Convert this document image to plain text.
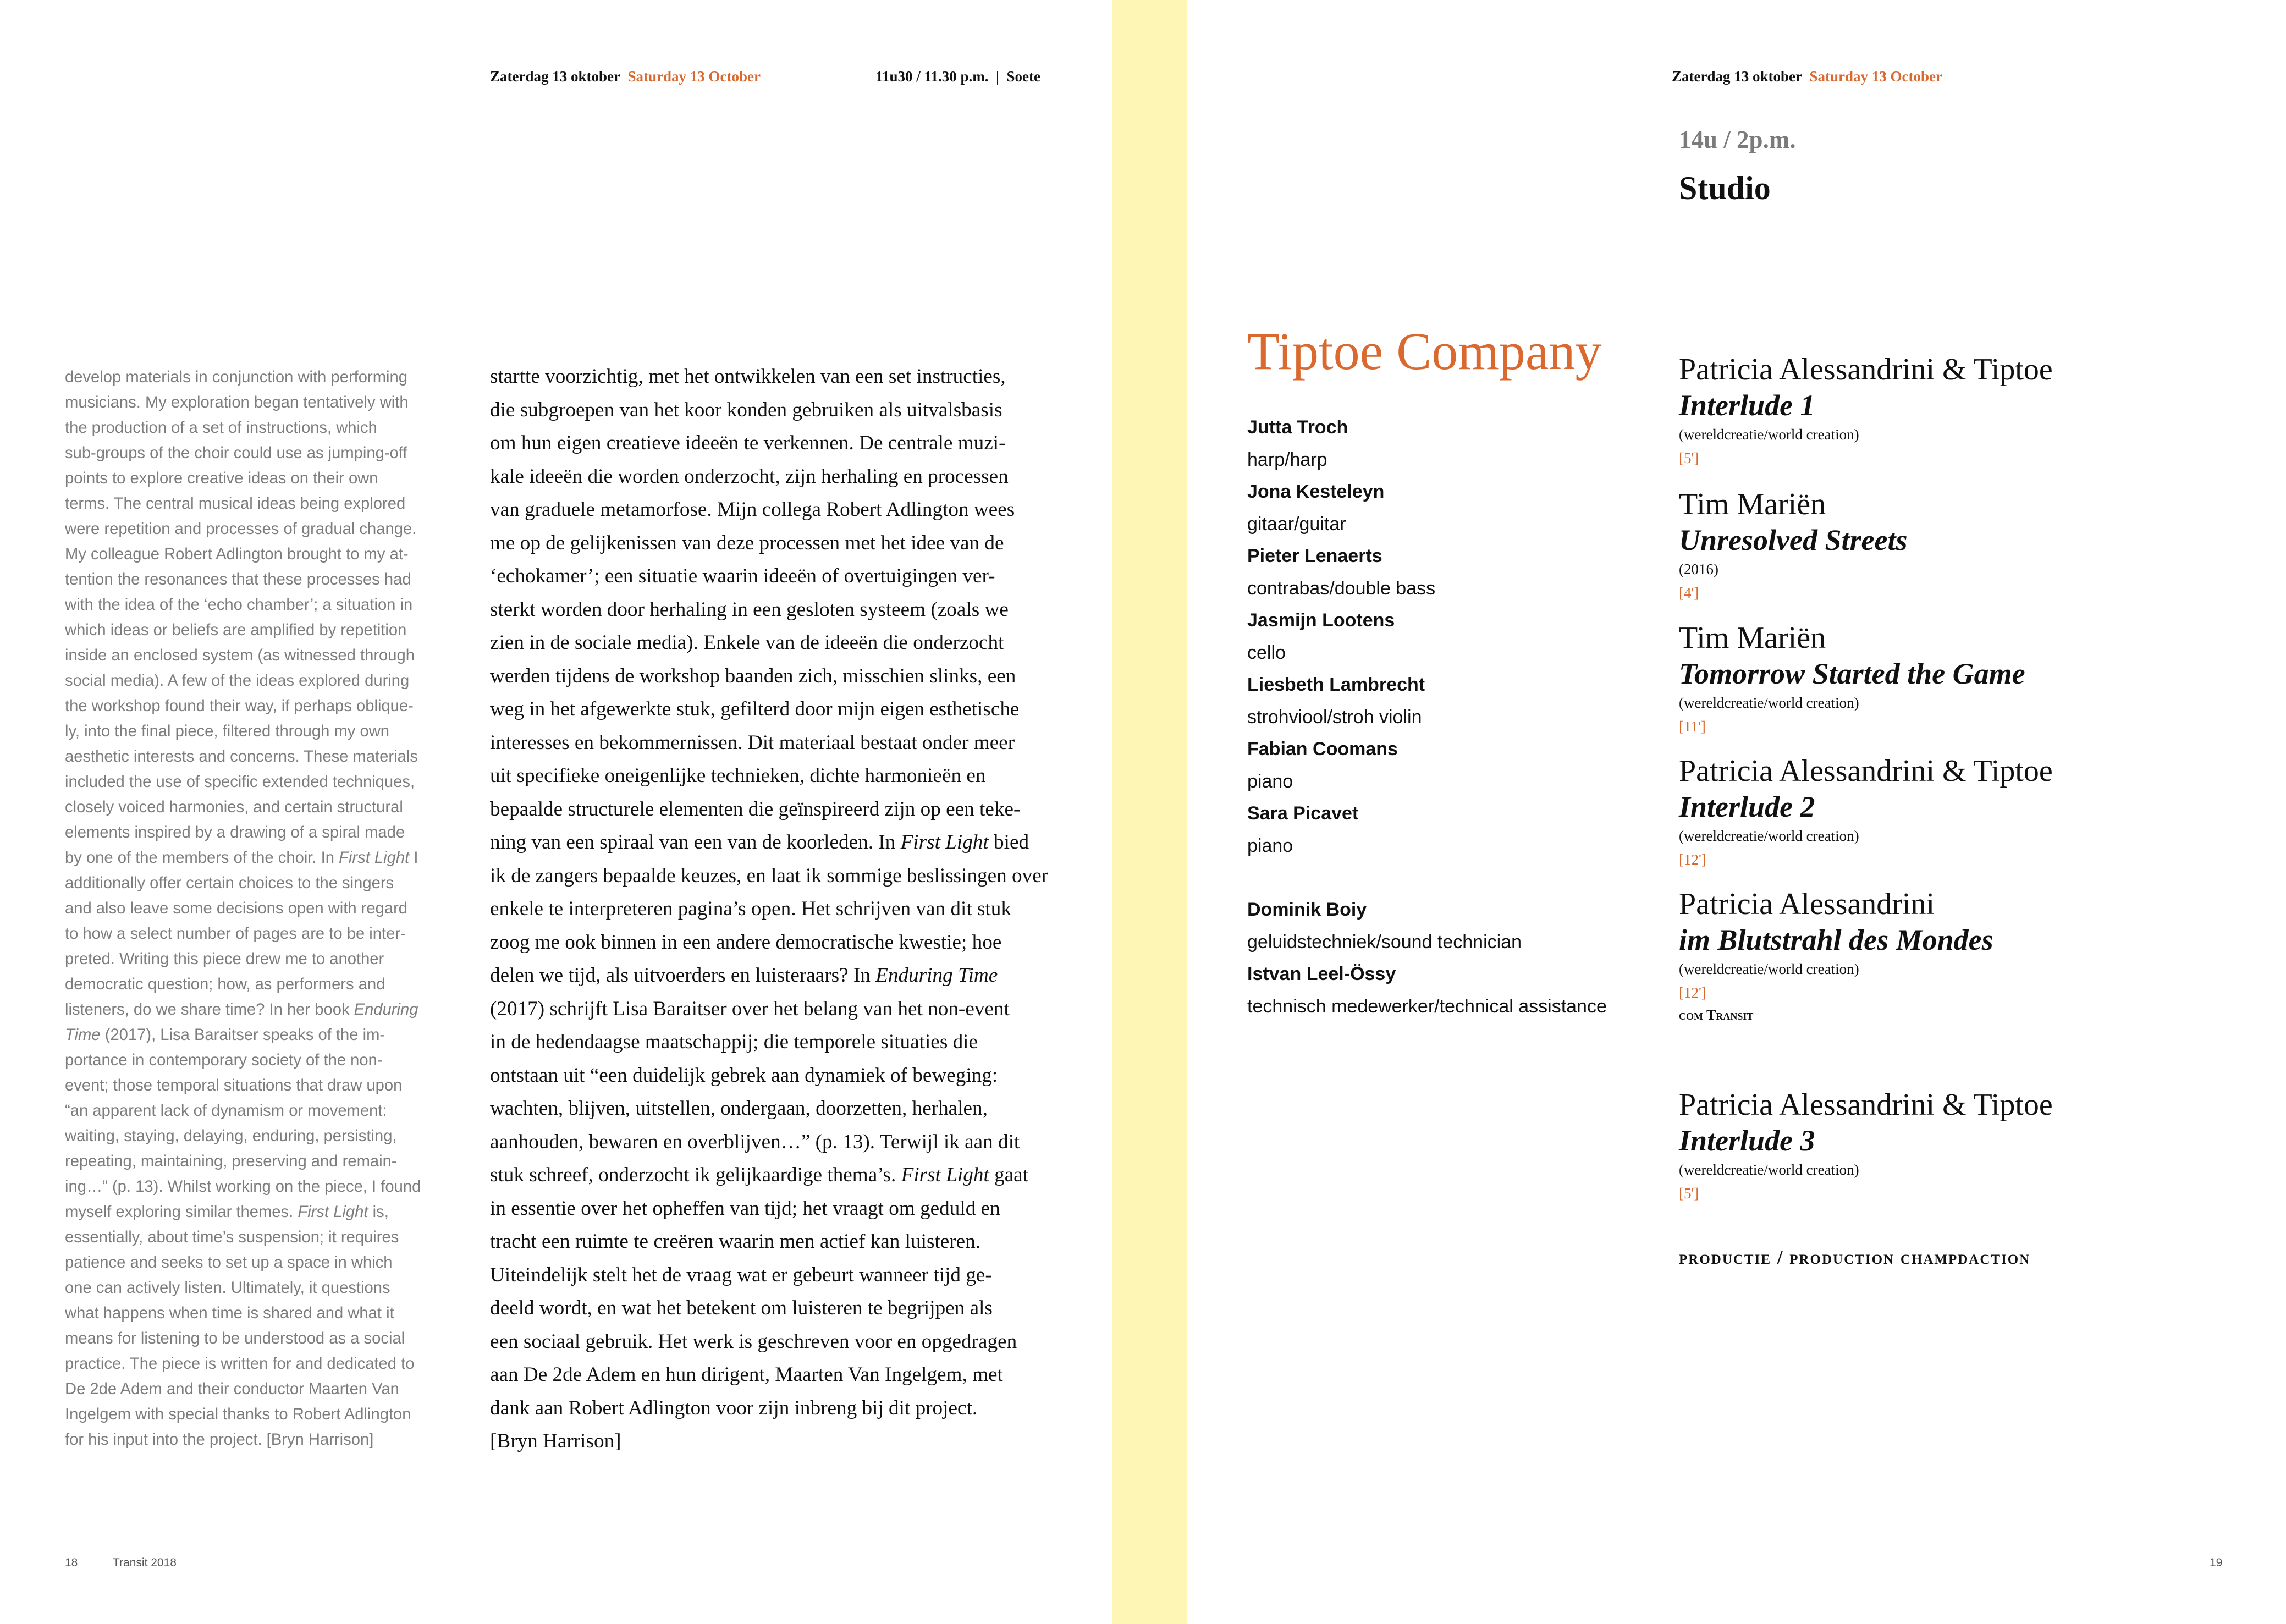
Zaterdag 13 oktober Saturday 13 October	11u30 / 11.30 p.m. | Soete
develop materials in conjunction with performing
musicians. My exploration began tentatively with
the production of a set of instructions, which
sub-groups of the choir could use as jumping-off
points to explore creative ideas on their own
terms. The central musical ideas being explored
were repetition and processes of gradual change.
My colleague Robert Adlington brought to my at-
tention the resonances that these processes had
with the idea of the ‘echo chamber’; a situation in
which ideas or beliefs are amplified by repetition
inside an enclosed system (as witnessed through
social media). A few of the ideas explored during
the workshop found their way, if perhaps oblique-
ly, into the final piece, filtered through my own
aesthetic interests and concerns. These materials
included the use of specific extended techniques,
closely voiced harmonies, and certain structural
elements inspired by a drawing of a spiral made
by one of the members of the choir. In First Light I
additionally offer certain choices to the singers
and also leave some decisions open with regard
to how a select number of pages are to be inter-
preted. Writing this piece drew me to another
democratic question; how, as performers and
listeners, do we share time? In her book Enduring
Time (2017), Lisa Baraitser speaks of the im-
portance in contemporary society of the non-
event; those temporal situations that draw upon
“an apparent lack of dynamism or movement:
waiting, staying, delaying, enduring, persisting,
repeating, maintaining, preserving and remain-
ing…” (p. 13). Whilst working on the piece, I found
myself exploring similar themes. First Light is,
essentially, about time’s suspension; it requires
patience and seeks to set up a space in which
one can actively listen. Ultimately, it questions
what happens when time is shared and what it
means for listening to be understood as a social
practice. The piece is written for and dedicated to
De 2de Adem and their conductor Maarten Van
Ingelgem with special thanks to Robert Adlington
for his input into the project. [Bryn Harrison]
startte voorzichtig, met het ontwikkelen van een set instructies,
die subgroepen van het koor konden gebruiken als uitvalsbasis
om hun eigen creatieve ideeën te verkennen. De centrale muzi-
kale ideeën die worden onderzocht, zijn herhaling en processen
van graduele metamorfose. Mijn collega Robert Adlington wees
me op de gelijkenissen van deze processen met het idee van de
‘echokamer’; een situatie waarin ideeën of overtuigingen ver-
sterkt worden door herhaling in een gesloten systeem (zoals we
zien in de sociale media). Enkele van de ideeën die onderzocht
werden tijdens de workshop baanden zich, misschien slinks, een
weg in het afgewerkte stuk, gefilterd door mijn eigen esthetische
interesses en bekommernissen. Dit materiaal bestaat onder meer
uit specifieke oneigenlijke technieken, dichte harmonieën en
bepaalde structurele elementen die geïnspireerd zijn op een teke-
ning van een spiraal van een van de koorleden. In First Light bied
ik de zangers bepaalde keuzes, en laat ik sommige beslissingen over
enkele te interpreteren pagina’s open. Het schrijven van dit stuk
zoog me ook binnen in een andere democratische kwestie; hoe
delen we tijd, als uitvoerders en luisteraars? In Enduring Time
(2017) schrijft Lisa Baraitser over het belang van het non-event
in de hedendaagse maatschappij; die temporele situaties die
ontstaan uit “een duidelijk gebrek aan dynamiek of beweging:
wachten, blijven, uitstellen, ondergaan, doorzetten, herhalen,
aanhouden, bewaren en overblijven…” (p. 13). Terwijl ik aan dit
stuk schreef, onderzocht ik gelijkaardige thema’s. First Light gaat
in essentie over het opheffen van tijd; het vraagt om geduld en
tracht een ruimte te creëren waarin men actief kan luisteren.
Uiteindelijk stelt het de vraag wat er gebeurt wanneer tijd ge-
deeld wordt, en wat het betekent om luisteren te begrijpen als
een sociaal gebruik. Het werk is geschreven voor en opgedragen
aan De 2de Adem en hun dirigent, Maarten Van Ingelgem, met
dank aan Robert Adlington voor zijn inbreng bij dit project.
[Bryn Harrison]
18	Transit 2018
Zaterdag 13 oktober Saturday 13 October
14u / 2p.m.
Studio
Tiptoe Company
Jutta Troch
harp/harp
Jona Kesteleyn
gitaar/guitar
Pieter Lenaerts
contrabas/double bass
Jasmijn Lootens
cello
Liesbeth Lambrecht
strohviool/stroh violin
Fabian Coomans
piano
Sara Picavet
piano
Dominik Boiy
geluidstechniek/sound technician
Istvan Leel-Össy
technisch medewerker/technical assistance
Patricia Alessandrini & Tiptoe
Interlude 1
(wereldcreatie/world creation)
[5']
Tim Mariën
Unresolved Streets
(2016)
[4']
Tim Mariën
Tomorrow Started the Game
(wereldcreatie/world creation)
[11']
Patricia Alessandrini & Tiptoe
Interlude 2
(wereldcreatie/world creation)
[12']
Patricia Alessandrini
im Blutstrahl des Mondes
(wereldcreatie/world creation)
[12']
com Transit
Patricia Alessandrini & Tiptoe
Interlude 3
(wereldcreatie/world creation)
[5']
productie / production champdaction
19
